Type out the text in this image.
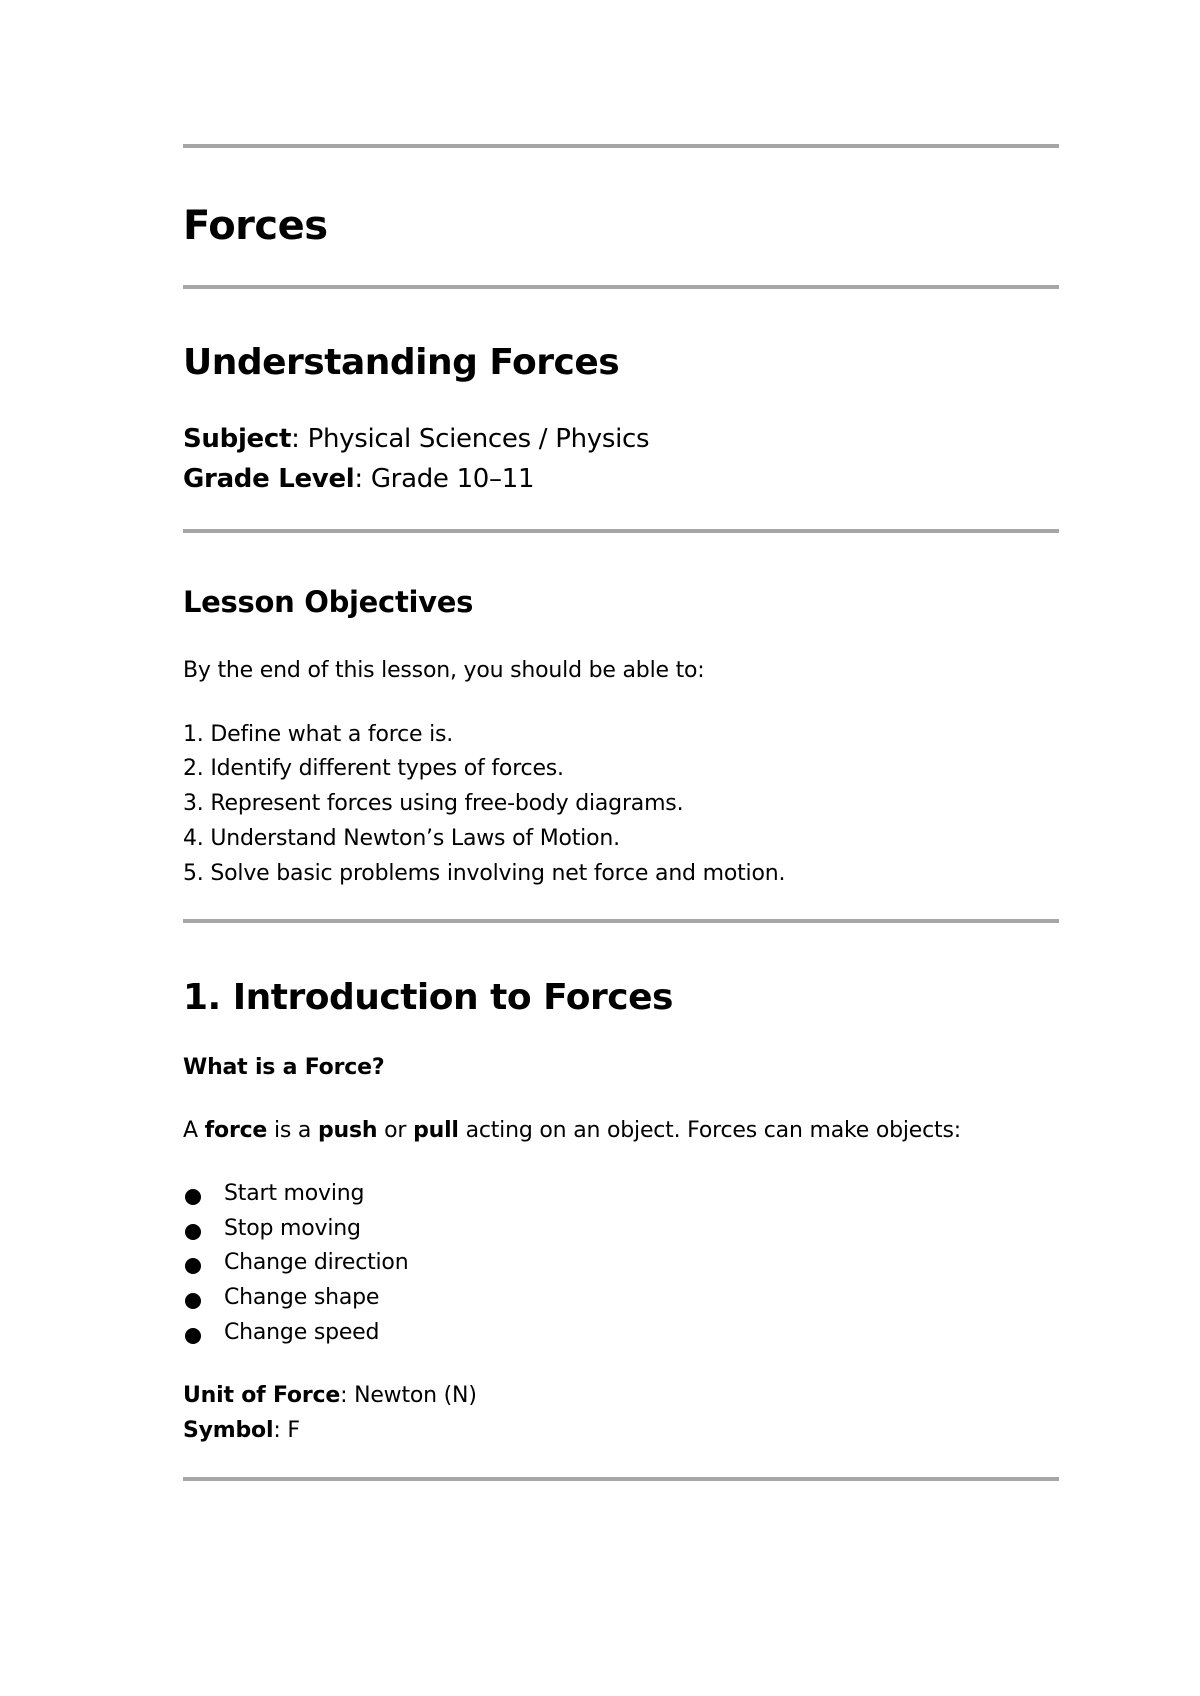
Forces
Understanding Forces
Subject: Physical Sciences / Physics
Grade Level: Grade 10–11
Lesson Objectives
By the end of this lesson, you should be able to:
1. Define what a force is.
2. Identify different types of forces.
3. Represent forces using free-body diagrams.
4. Understand Newton’s Laws of Motion.
5. Solve basic problems involving net force and motion.
1. Introduction to Forces
What is a Force?
A force is a push or pull acting on an object. Forces can make objects:
Start moving
Stop moving
Change direction
Change shape
Change speed
Unit of Force: Newton (N)
Symbol: F
